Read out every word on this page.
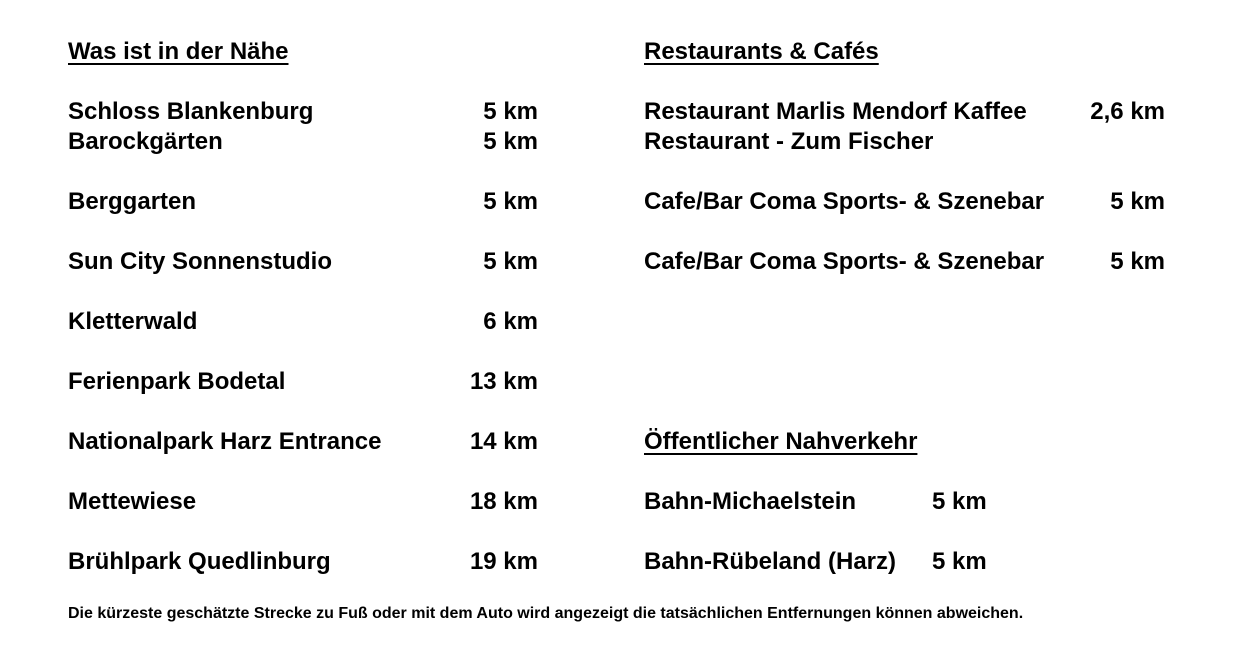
Was ist in der Nähe
Schloss Blankenburg	5 km
Barockgärten	5 km
Berggarten	5 km
Sun City Sonnenstudio	5 km
Kletterwald	6 km
Ferienpark Bodetal	13 km
Nationalpark Harz Entrance	14 km
Mettewiese	18 km
Brühlpark Quedlinburg	19 km
Restaurants & Cafés
Restaurant Marlis Mendorf Kaffee	2,6 km
Restaurant - Zum Fischer
Cafe/Bar Coma Sports- & Szenebar	5 km
Cafe/Bar Coma Sports- & Szenebar	5 km
Öffentlicher Nahverkehr
Bahn-Michaelstein	5 km
Bahn-Rübeland (Harz) 5 km
Die kürzeste geschätzte Strecke zu Fuß oder mit dem Auto wird angezeigt die tatsächlichen Entfernungen können abweichen.
